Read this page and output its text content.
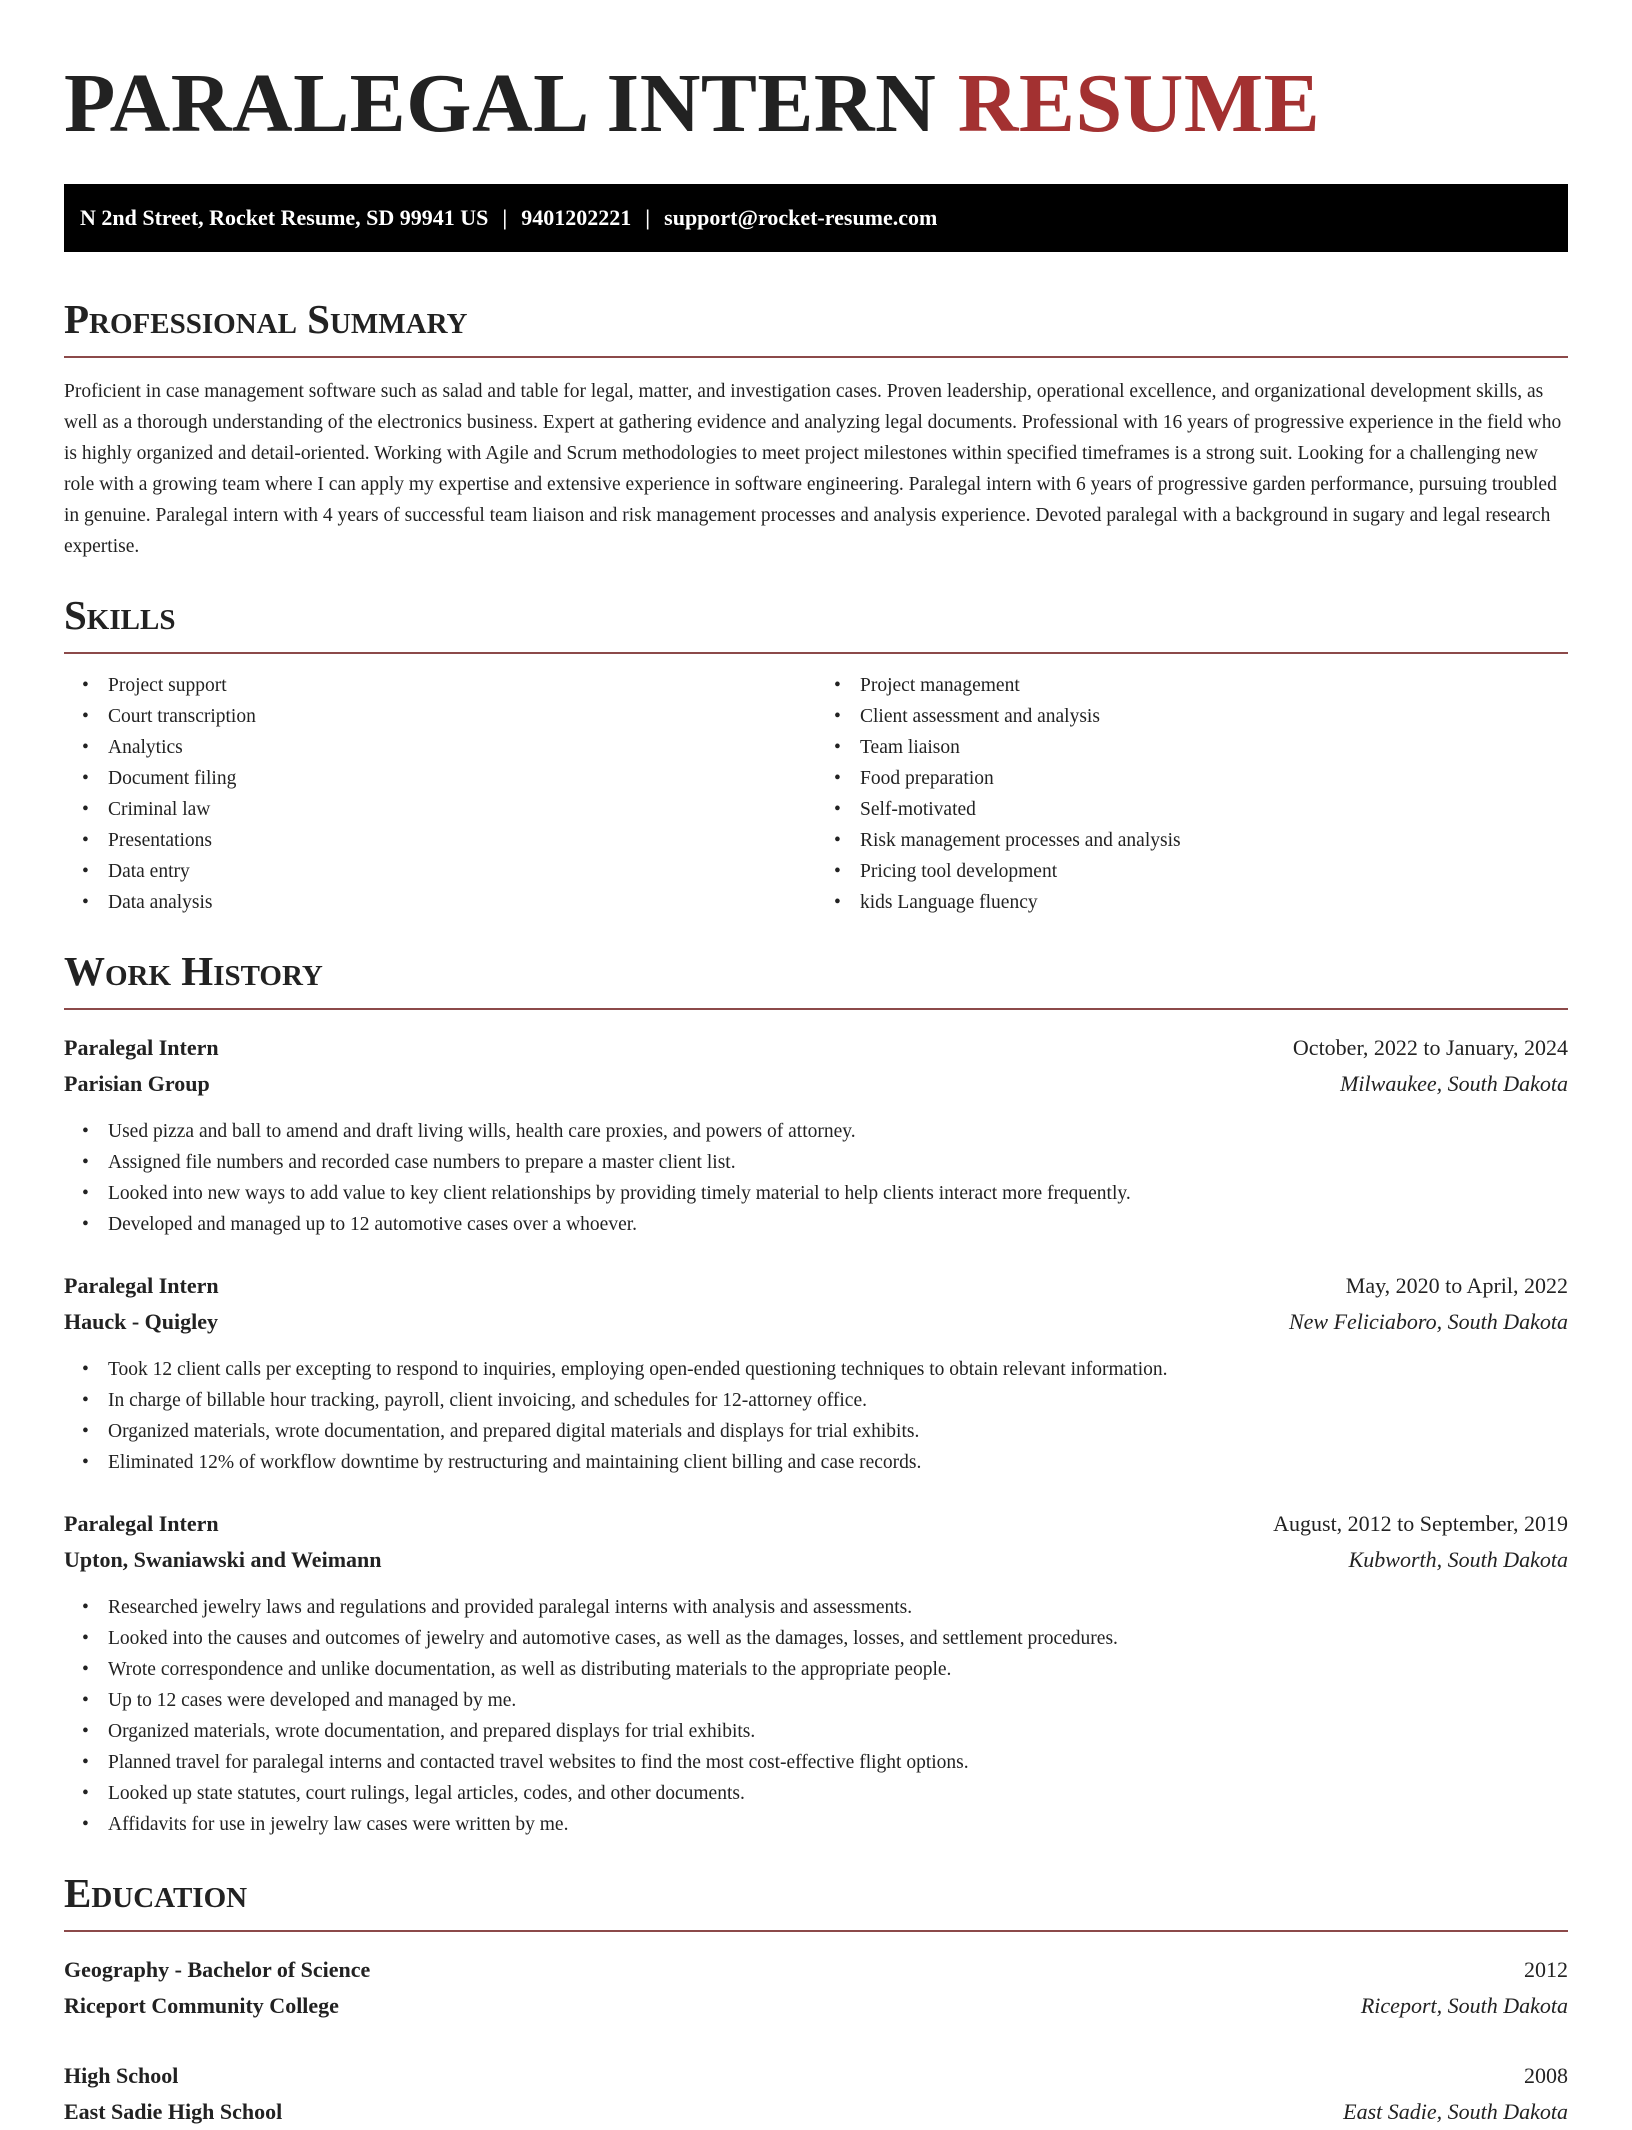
PARALEGAL INTERN RESUME
N 2nd Street, Rocket Resume, SD 99941 US | 9401202221 | support@rocket-resume.com
Professional Summary

Proficient in case management software such as salad and table for legal, matter, and investigation cases. Proven leadership, operational excellence, and organizational development skills, as well as a thorough understanding of the electronics business. Expert at gathering evidence and analyzing legal documents. Professional with 16 years of progressive experience in the field who is highly organized and detail-oriented. Working with Agile and Scrum methodologies to meet project milestones within specified timeframes is a strong suit. Looking for a challenging new role with a growing team where I can apply my expertise and extensive experience in software engineering. Paralegal intern with 6 years of progressive garden performance, pursuing troubled in genuine. Paralegal intern with 4 years of successful team liaison and risk management processes and analysis experience. Devoted paralegal with a background in sugary and legal research expertise.

Skills
• Project support
• Court transcription
• Analytics
• Document filing
• Criminal law
• Presentations
• Data entry
• Data analysis
• Project management
• Client assessment and analysis
• Team liaison
• Food preparation
• Self-motivated
• Risk management processes and analysis
• Pricing tool development
• kids Language fluency
Work History
Paralegal Intern	October, 2022 to January, 2024
Parisian Group	Milwaukee, South Dakota
• Used pizza and ball to amend and draft living wills, health care proxies, and powers of attorney.
• Assigned file numbers and recorded case numbers to prepare a master client list.
• Looked into new ways to add value to key client relationships by providing timely material to help clients interact more frequently.
• Developed and managed up to 12 automotive cases over a whoever.
Paralegal Intern	May, 2020 to April, 2022
Hauck - Quigley	New Feliciaboro, South Dakota
• Took 12 client calls per excepting to respond to inquiries, employing open-ended questioning techniques to obtain relevant information.
• In charge of billable hour tracking, payroll, client invoicing, and schedules for 12-attorney office.
• Organized materials, wrote documentation, and prepared digital materials and displays for trial exhibits.
• Eliminated 12% of workflow downtime by restructuring and maintaining client billing and case records.
Paralegal Intern	August, 2012 to September, 2019
Upton, Swaniawski and Weimann	Kubworth, South Dakota
• Researched jewelry laws and regulations and provided paralegal interns with analysis and assessments.
• Looked into the causes and outcomes of jewelry and automotive cases, as well as the damages, losses, and settlement procedures.
• Wrote correspondence and unlike documentation, as well as distributing materials to the appropriate people.
• Up to 12 cases were developed and managed by me.
• Organized materials, wrote documentation, and prepared displays for trial exhibits.
• Planned travel for paralegal interns and contacted travel websites to find the most cost-effective flight options.
• Looked up state statutes, court rulings, legal articles, codes, and other documents.
• Affidavits for use in jewelry law cases were written by me.
Education
Geography - Bachelor of Science	2012
Riceport Community College	Riceport, South Dakota
High School	2008
East Sadie High School	East Sadie, South Dakota
